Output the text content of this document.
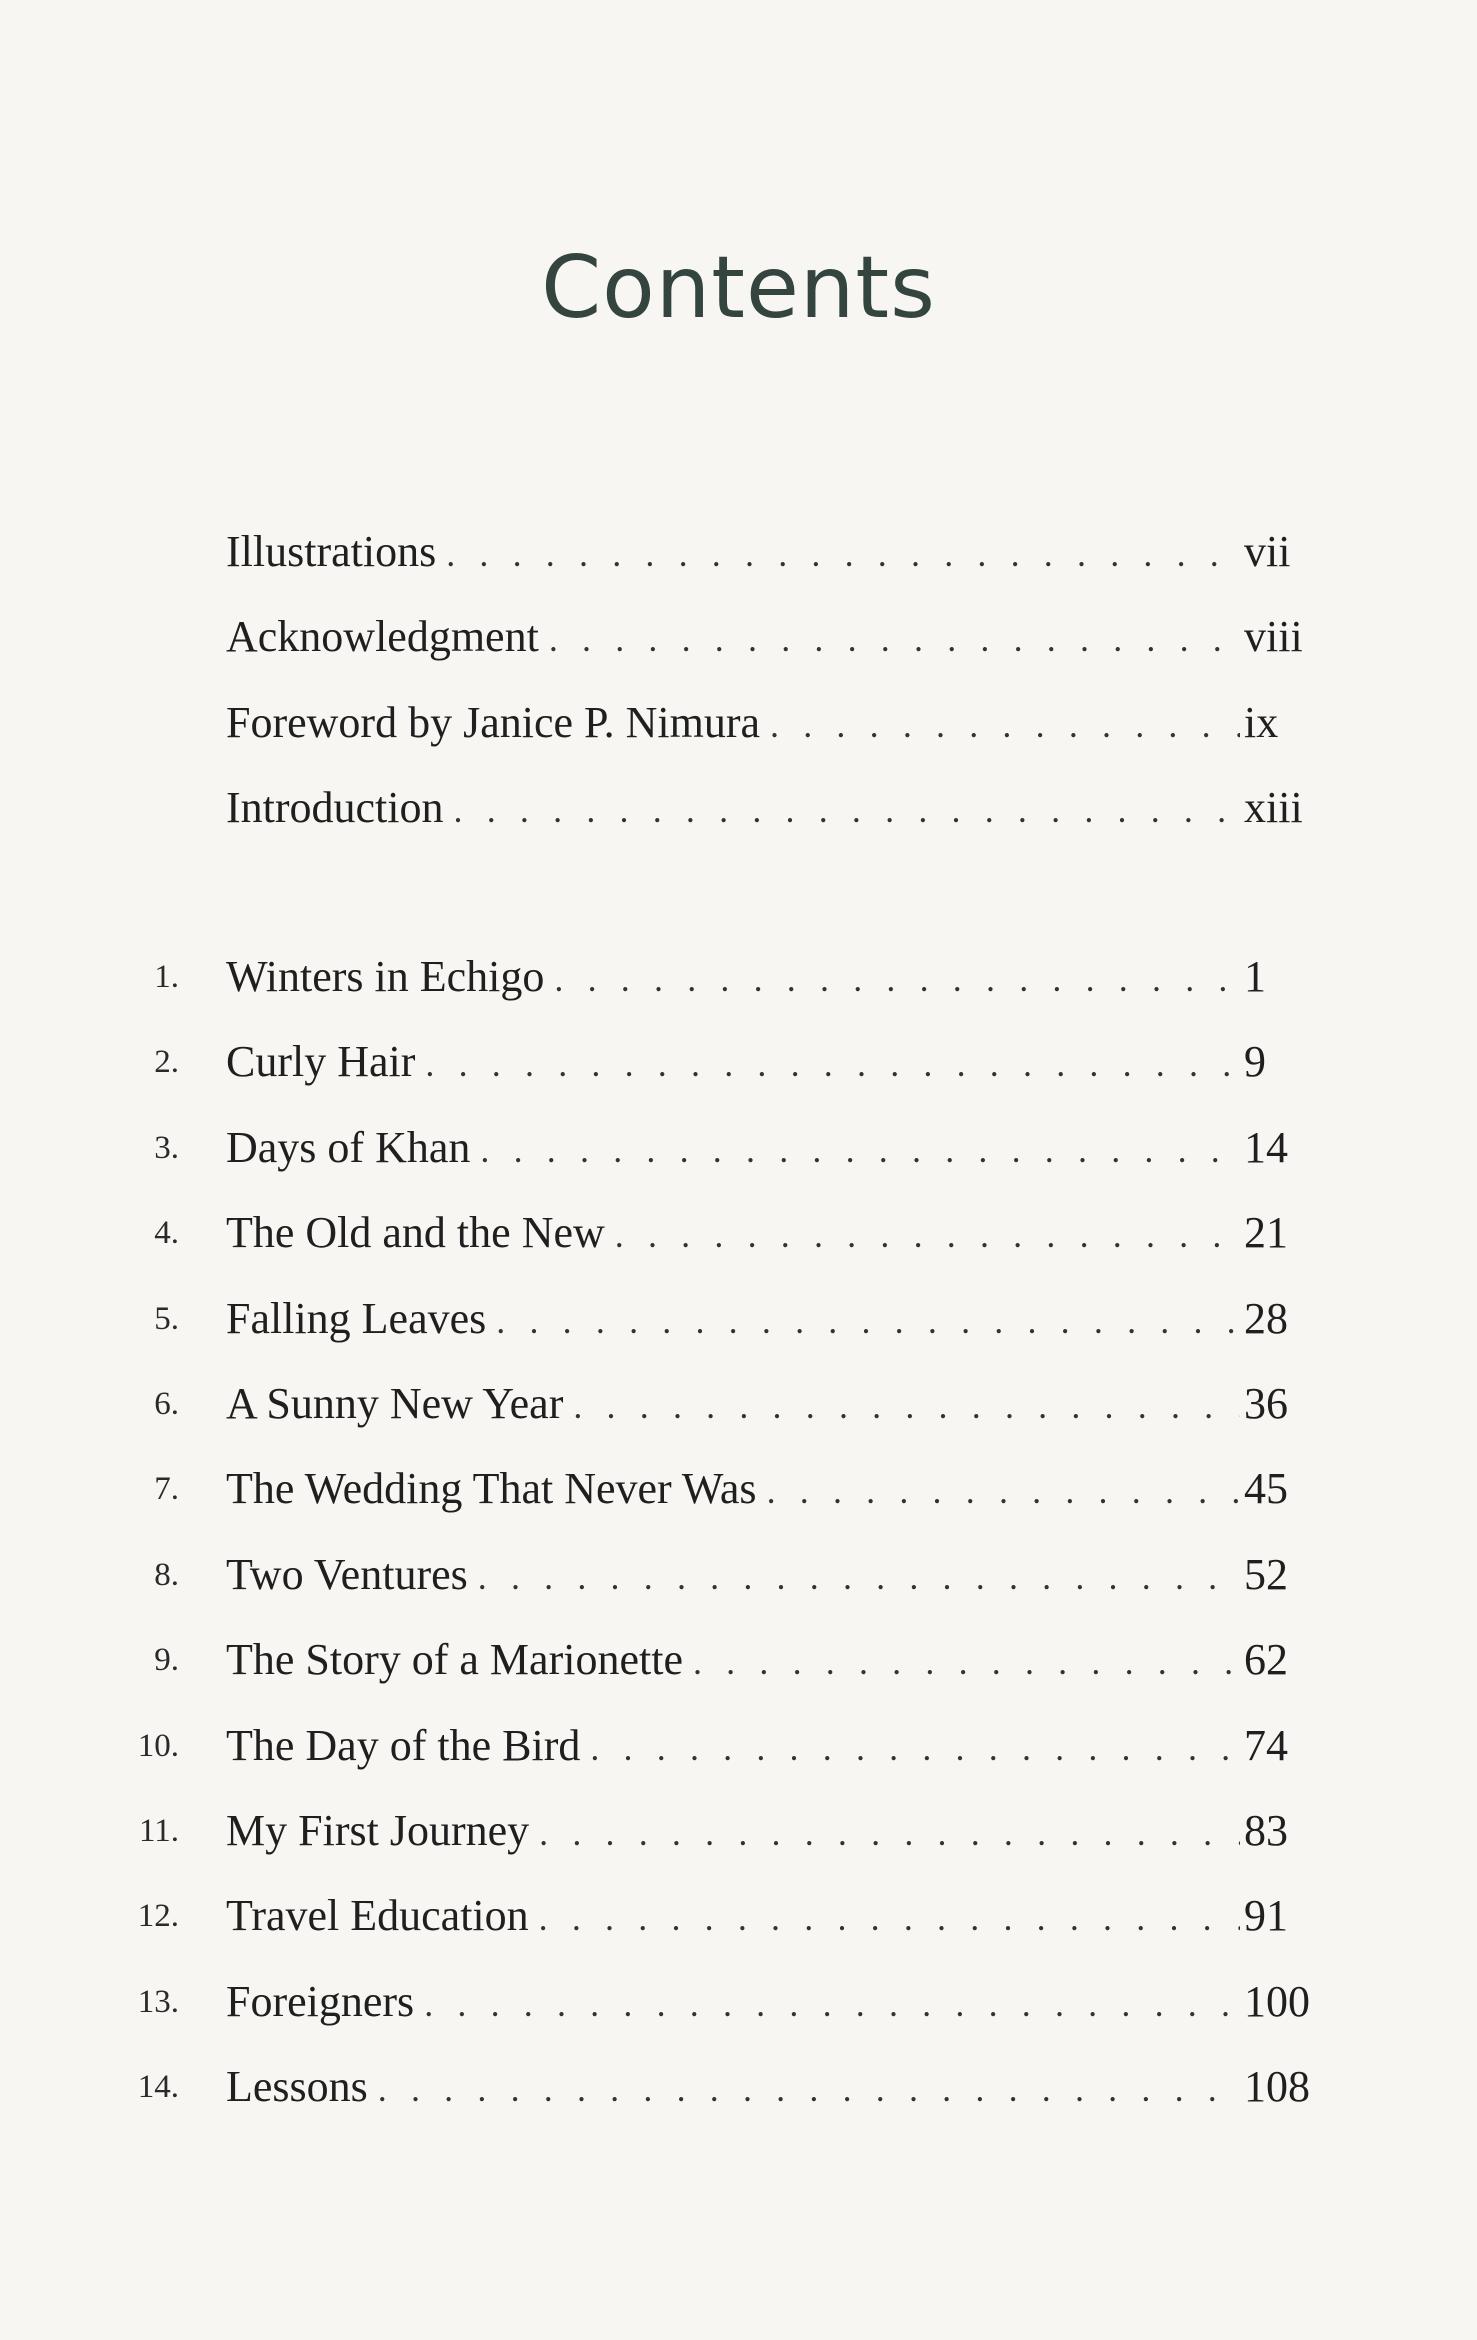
Contents
Illustrations . . .	vii
Acknowledgment . . .	viii
Foreword by Janice P. Nimura . . .	ix
Introduction . . .	xiii
1. Winters in Echigo . . .	1
2. Curly Hair . . .	9
3. Days of Khan . . .	14
4. The Old and the New . . .	21
5. Falling Leaves . . .	28
6. A Sunny New Year . . .	36
7. The Wedding That Never Was . . .	45
8. Two Ventures . . .	52
9. The Story of a Marionette . . .	62
10. The Day of the Bird . . .	74
11. My First Journey . . .	83
12. Travel Education . . .	91
13. Foreigners . . .	100
14. Lessons . . .	108
